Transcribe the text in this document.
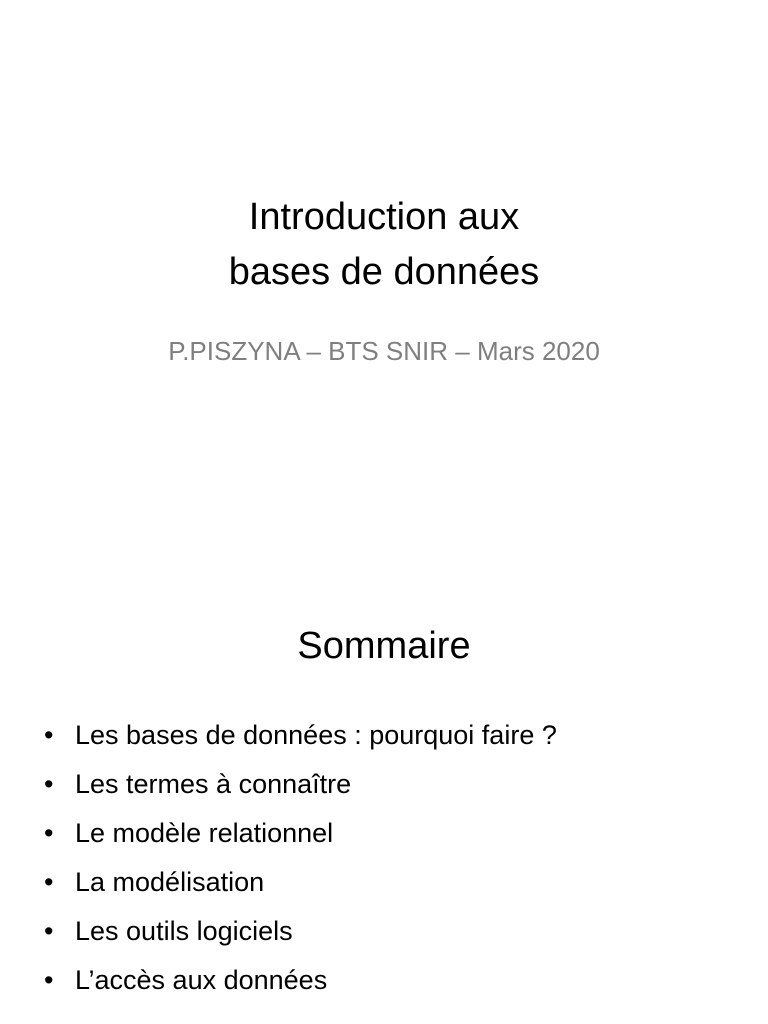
Introduction aux
bases de données
P.PISZYNA – BTS SNIR – Mars 2020
Sommaire
• Les bases de données : pourquoi faire ?
• Les termes à connaître
• Le modèle relationnel
• La modélisation
• Les outils logiciels
• L’accès aux données
